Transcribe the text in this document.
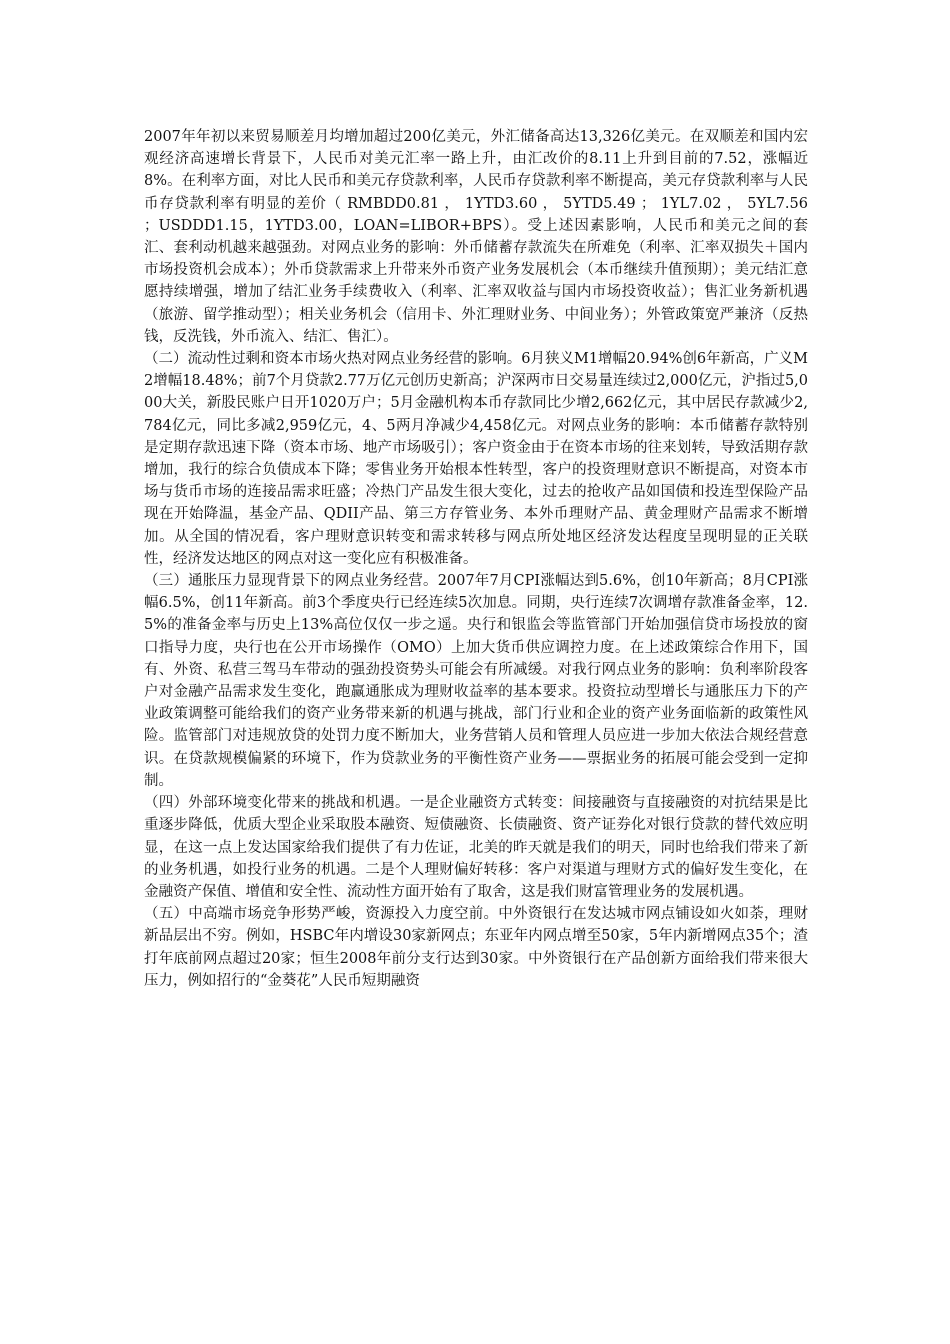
2007年年初以来贸易顺差月均增加超过200亿美元，外汇储备高达13,326亿美元。在双顺差和国内宏观经济高速增长背景下，人民币对美元汇率一路上升，由汇改价的8.11上升到目前的7.52，涨幅近8%。在利率方面，对比人民币和美元存贷款利率，人民币存贷款利率不断提高，美元存贷款利率与人民币存贷款利率有明显的差价（ RMBDD0.81 ， 1YTD3.60 ， 5YTD5.49 ； 1YL7.02 ， 5YL7.56 ；USDDD1.15，1YTD3.00，LOAN=LIBOR+BPS）。受上述因素影响，人民币和美元之间的套汇、套利动机越来越强劲。对网点业务的影响：外币储蓄存款流失在所难免（利率、汇率双损失＋国内市场投资机会成本）；外币贷款需求上升带来外币资产业务发展机会（本币继续升值预期）；美元结汇意愿持续增强，增加了结汇业务手续费收入（利率、汇率双收益与国内市场投资收益）；售汇业务新机遇（旅游、留学推动型）；相关业务机会（信用卡、外汇理财业务、中间业务）；外管政策宽严兼济（反热钱，反洗钱，外币流入、结汇、售汇）。

（二）流动性过剩和资本市场火热对网点业务经营的影响。6月狭义M1增幅20.94%创6年新高，广义M2增幅18.48%；前7个月贷款2.77万亿元创历史新高；沪深两市日交易量连续过2,000亿元，沪指过5,000大关，新股民账户日开1020万户；5月金融机构本币存款同比少增2,662亿元，其中居民存款减少2,784亿元，同比多减2,959亿元，4、5两月净减少4,458亿元。对网点业务的影响：本币储蓄存款特别是定期存款迅速下降（资本市场、地产市场吸引）；客户资金由于在资本市场的往来划转，导致活期存款增加，我行的综合负债成本下降；零售业务开始根本性转型，客户的投资理财意识不断提高，对资本市场与货币市场的连接品需求旺盛；冷热门产品发生很大变化，过去的抢收产品如国债和投连型保险产品现在开始降温，基金产品、QDII产品、第三方存管业务、本外币理财产品、黄金理财产品需求不断增加。从全国的情况看，客户理财意识转变和需求转移与网点所处地区经济发达程度呈现明显的正关联性，经济发达地区的网点对这一变化应有积极准备。

（三）通胀压力显现背景下的网点业务经营。2007年7月CPI涨幅达到5.6%，创10年新高；8月CPI涨幅6.5%，创11年新高。前3个季度央行已经连续5次加息。同期，央行连续7次调增存款准备金率，12.5%的准备金率与历史上13%高位仅仅一步之遥。央行和银监会等监管部门开始加强信贷市场投放的窗口指导力度，央行也在公开市场操作（OMO）上加大货币供应调控力度。在上述政策综合作用下，国有、外资、私营三驾马车带动的强劲投资势头可能会有所减缓。对我行网点业务的影响：负利率阶段客户对金融产品需求发生变化，跑赢通胀成为理财收益率的基本要求。投资拉动型增长与通胀压力下的产业政策调整可能给我们的资产业务带来新的机遇与挑战，部门行业和企业的资产业务面临新的政策性风险。监管部门对违规放贷的处罚力度不断加大，业务营销人员和管理人员应进一步加大依法合规经营意识。在贷款规模偏紧的环境下，作为贷款业务的平衡性资产业务——票据业务的拓展可能会受到一定抑制。

（四）外部环境变化带来的挑战和机遇。一是企业融资方式转变：间接融资与直接融资的对抗结果是比重逐步降低，优质大型企业采取股本融资、短债融资、长债融资、资产证券化对银行贷款的替代效应明显，在这一点上发达国家给我们提供了有力佐证，北美的昨天就是我们的明天，同时也给我们带来了新的业务机遇，如投行业务的机遇。二是个人理财偏好转移：客户对渠道与理财方式的偏好发生变化，在金融资产保值、增值和安全性、流动性方面开始有了取舍，这是我们财富管理业务的发展机遇。

（五）中高端市场竞争形势严峻，资源投入力度空前。中外资银行在发达城市网点铺设如火如荼，理财新品层出不穷。例如，HSBC年内增设30家新网点；东亚年内网点增至50家，5年内新增网点35个；渣打年底前网点超过20家；恒生2008年前分支行达到30家。中外资银行在产品创新方面给我们带来很大压力，例如招行的“金葵花”人民币短期融资
